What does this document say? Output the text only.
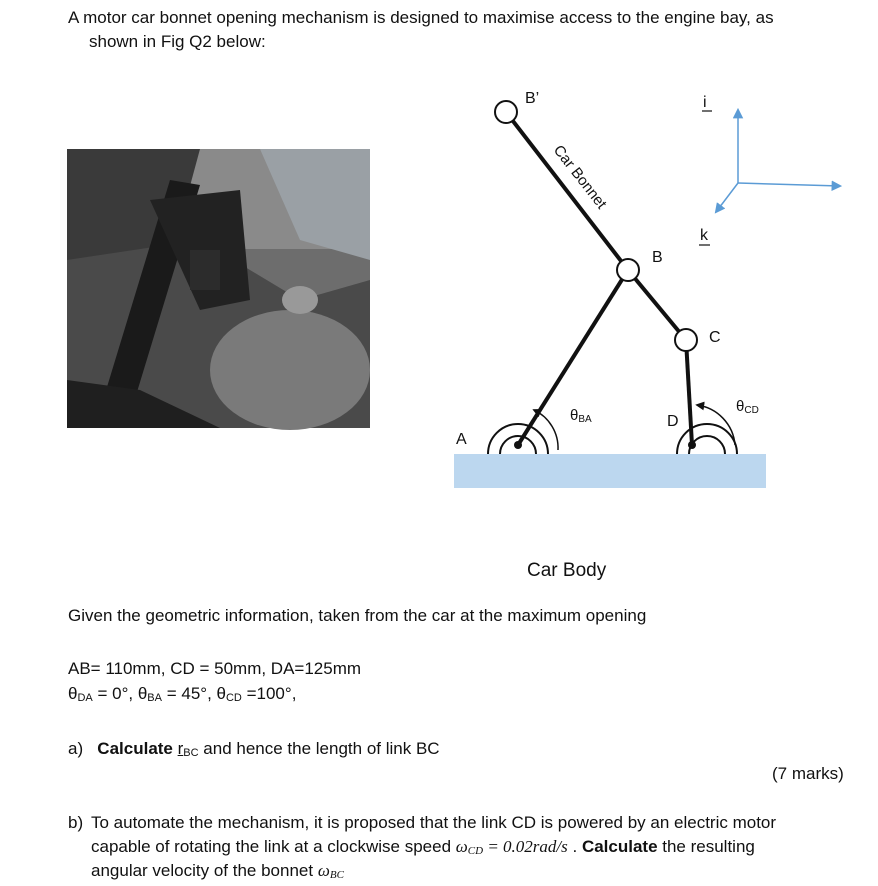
A motor car bonnet opening mechanism is designed to maximise access to the engine bay, as
shown in Fig Q2 below:
B’
B
C
D
A
Car Bonnet
θBA
θCD
i
k
Car Body
Given the geometric information, taken from the car at the maximum opening
AB= 110mm, CD = 50mm, DA=125mm
θDA = 0°, θBA = 45°, θCD =100°,
a) Calculate rBC and hence the length of link BC
(7 marks)
b) To automate the mechanism, it is proposed that the link CD is powered by an electric motor
capable of rotating the link at a clockwise speed ωCD = 0.02rad/s . Calculate the resulting
angular velocity of the bonnet ωBC
